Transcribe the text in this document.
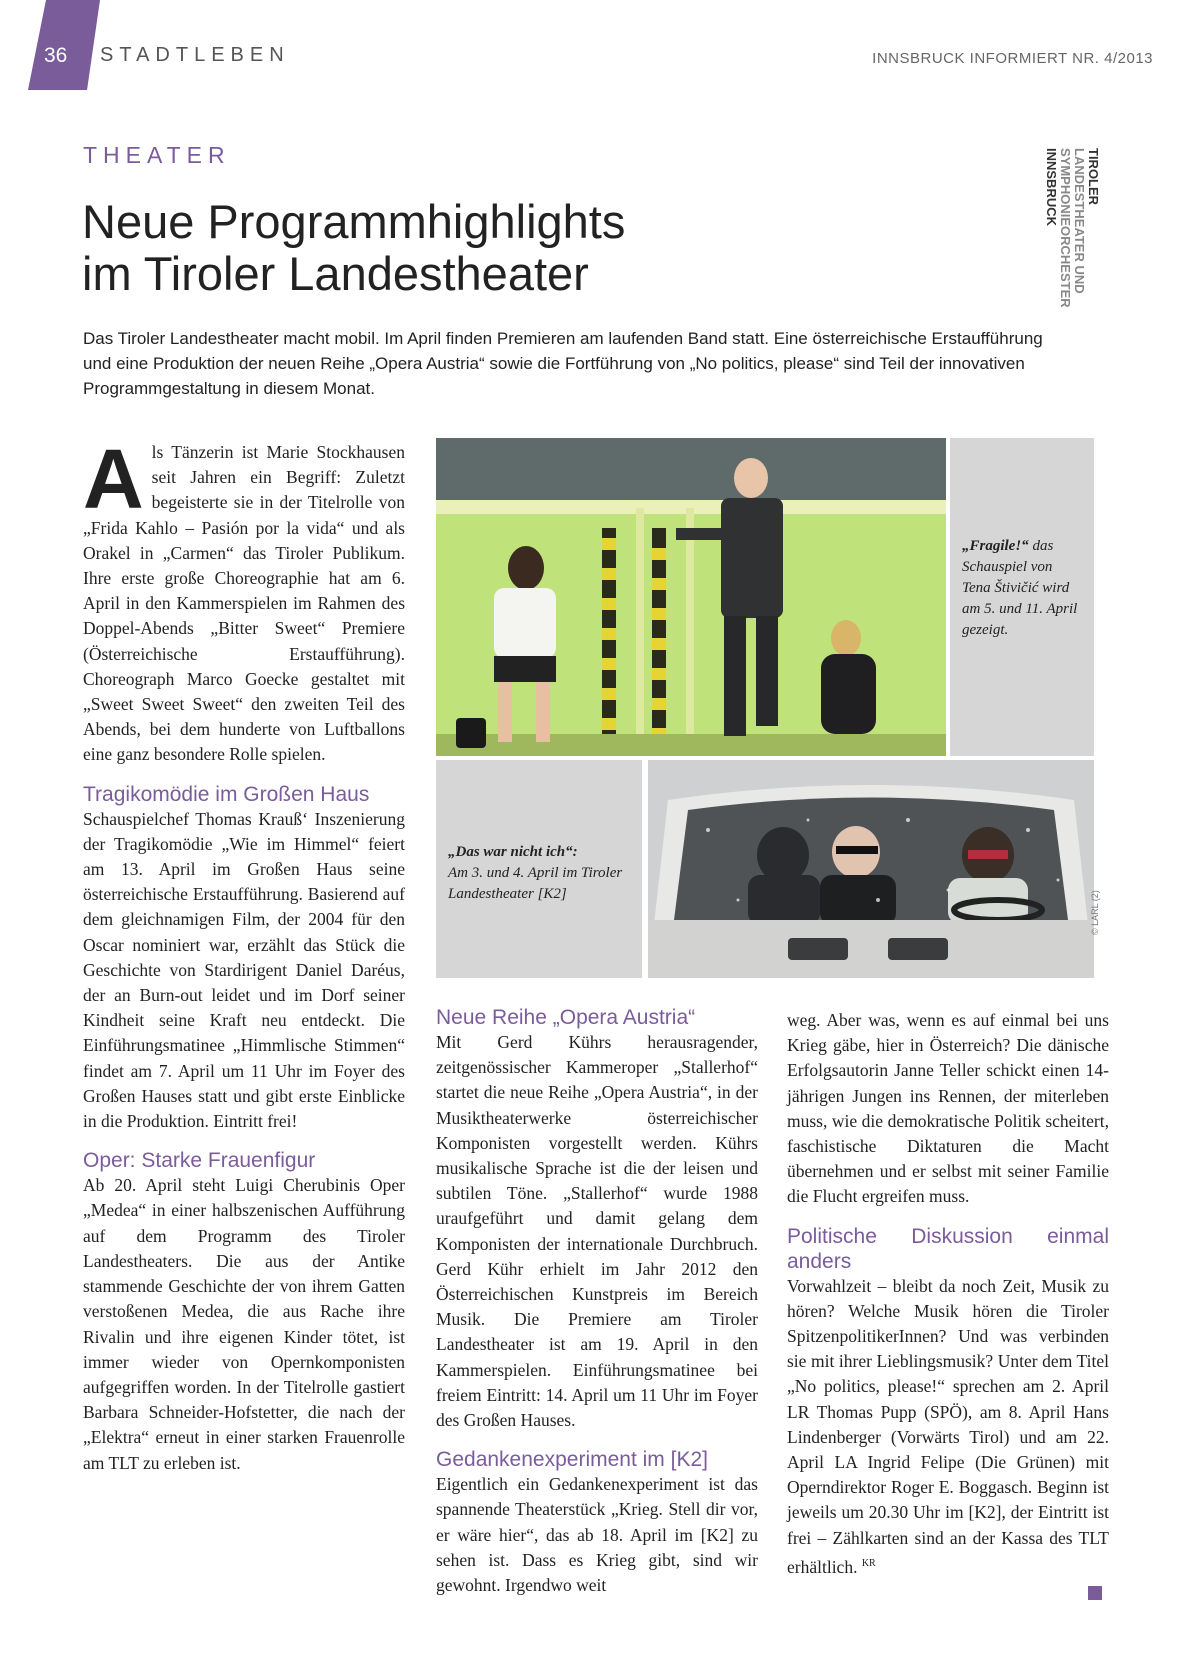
36 STADTLEBEN	INNSBRUCK INFORMIERT NR. 4/2013
THEATER
Neue Programmhighlights
im Tiroler Landestheater
TIROLER
LANDESTHEATER UND
SYMPHONIEORCHESTER
INNSBRUCK

Das Tiroler Landestheater macht mobil. Im April finden Premieren am laufenden Band statt. Eine österreichische Erstaufführung und eine Produktion der neuen Reihe „Opera Austria“ sowie die Fortführung von „No politics, please“ sind Teil der innovativen Programmgestaltung in diesem Monat.

Als Tänzerin ist Marie Stockhausen seit Jahren ein Begriff: Zuletzt begeisterte sie in der Titelrolle von „Frida Kahlo – Pasión por la vida“ und als Orakel in „Carmen“ das Tiroler Publikum. Ihre erste große Choreographie hat am 6. April in den Kammerspielen im Rahmen des Doppel-Abends „Bitter Sweet“ Premiere (Österreichische Erstaufführung). Choreograph Marco Goecke gestaltet mit „Sweet Sweet Sweet“ den zweiten Teil des Abends, bei dem hunderte von Luftballons eine ganz besondere Rolle spielen.

Tragikomödie im Großen Haus

Schauspielchef Thomas Krauß‘ Inszenierung der Tragikomödie „Wie im Himmel“ feiert am 13. April im Großen Haus seine österreichische Erstaufführung. Basierend auf dem gleichnamigen Film, der 2004 für den Oscar nominiert war, erzählt das Stück die Geschichte von Stardirigent Daniel Daréus, der an Burn-out leidet und im Dorf seiner Kindheit seine Kraft neu entdeckt. Die Einführungsmatinee „Himmlische Stimmen“ findet am 7. April um 11 Uhr im Foyer des Großen Hauses statt und gibt erste Einblicke in die Produktion. Eintritt frei!

Oper: Starke Frauenfigur

Ab 20. April steht Luigi Cherubinis Oper „Medea“ in einer halbszenischen Aufführung auf dem Programm des Tiroler Landestheaters. Die aus der Antike stammende Geschichte der von ihrem Gatten verstoßenen Medea, die aus Rache ihre Rivalin und ihre eigenen Kinder tötet, ist immer wieder von Opernkomponisten aufgegriffen worden. In der Titelrolle gastiert Barbara Schneider-Hofstetter, die nach der „Elektra“ erneut in einer starken Frauenrolle am TLT zu erleben ist.

„Fragile!“ das Schauspiel von Tena Štivičić wird am 5. und 11. April gezeigt.
„Das war nicht ich“:
Am 3. und 4. April im Tiroler Landestheater [K2]	© LARL (2)
Neue Reihe „Opera Austria“

Mit Gerd Kührs herausragender, zeitgenössischer Kammeroper „Stallerhof“ startet die neue Reihe „Opera Austria“, in der Musiktheaterwerke österreichischer Komponisten vorgestellt werden. Kührs musikalische Sprache ist die der leisen und subtilen Töne. „Stallerhof“ wurde 1988 uraufgeführt und damit gelang dem Komponisten der internationale Durchbruch. Gerd Kühr erhielt im Jahr 2012 den Österreichischen Kunstpreis im Bereich Musik. Die Premiere am Tiroler Landestheater ist am 19. April in den Kammerspielen. Einführungsmatinee bei freiem Eintritt: 14. April um 11 Uhr im Foyer des Großen Hauses.

Gedankenexperiment im [K2]

Eigentlich ein Gedankenexperiment ist das spannende Theaterstück „Krieg. Stell dir vor, er wäre hier“, das ab 18. April im [K2] zu sehen ist. Dass es Krieg gibt, sind wir gewohnt. Irgendwo weit

weg. Aber was, wenn es auf einmal bei uns Krieg gäbe, hier in Österreich? Die dänische Erfolgsautorin Janne Teller schickt einen 14-jährigen Jungen ins Rennen, der miterleben muss, wie die demokratische Politik scheitert, faschistische Diktaturen die Macht übernehmen und er selbst mit seiner Familie die Flucht ergreifen muss.

Politische Diskussion einmal anders

Vorwahlzeit – bleibt da noch Zeit, Musik zu hören? Welche Musik hören die Tiroler SpitzenpolitikerInnen? Und was verbinden sie mit ihrer Lieblingsmusik? Unter dem Titel „No politics, please!“ sprechen am 2. April LR Thomas Pupp (SPÖ), am 8. April Hans Lindenberger (Vorwärts Tirol) und am 22. April LA Ingrid Felipe (Die Grünen) mit Operndirektor Roger E. Boggasch. Beginn ist jeweils um 20.30 Uhr im [K2], der Eintritt ist frei – Zählkarten sind an der Kassa des TLT erhältlich. $^{KR}$
